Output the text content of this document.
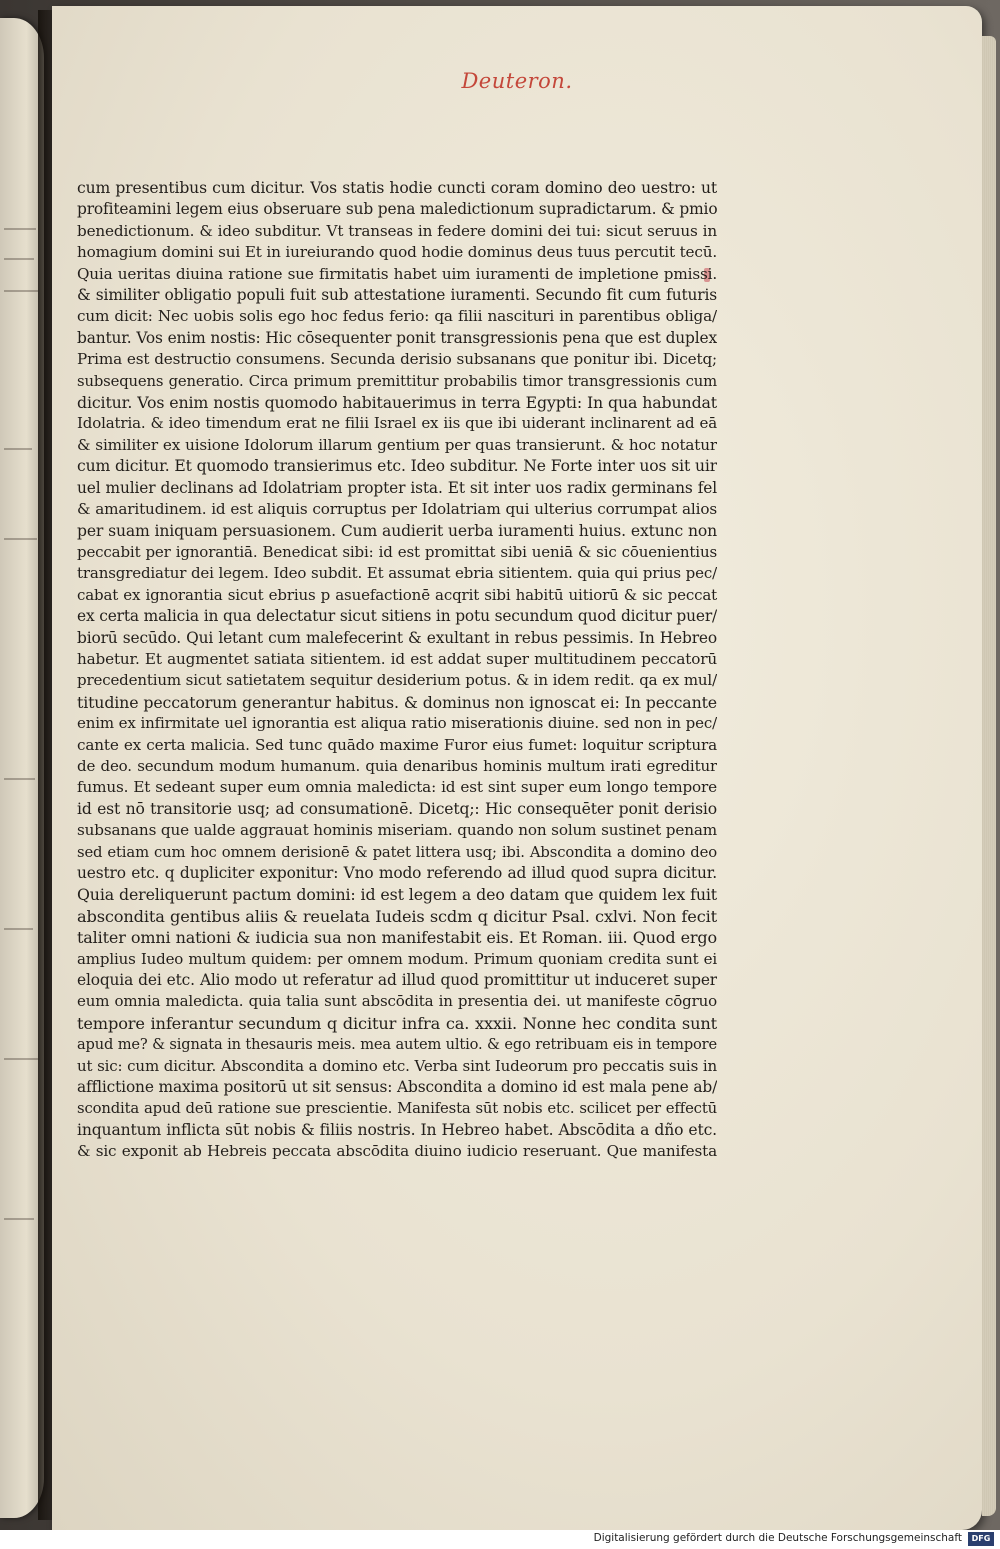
Deuteron.
cum presentibus cum dicitur. Vos statis hodie cuncti coram domino deo uestro: ut
profiteamini legem eius obseruare sub pena maledictionum supradictarum. & pmio
benedictionum. & ideo subditur. Vt transeas in federe domini dei tui: sicut seruus in
homagium domini sui Et in iureiurando quod hodie dominus deus tuus percutit tecū.
Quia ueritas diuina ratione sue firmitatis habet uim iuramenti de impletione pmissi.
& similiter obligatio populi fuit sub attestatione iuramenti. Secundo fit cum futuris
cum dicit: Nec uobis solis ego hoc fedus ferio: qa filii nascituri in parentibus obliga/
bantur. Vos enim nostis: Hic cōsequenter ponit transgressionis pena que est duplex
Prima est destructio consumens. Secunda derisio subsanans que ponitur ibi. Dicetq;
subsequens generatio. Circa primum premittitur probabilis timor transgressionis cum
dicitur. Vos enim nostis quomodo habitauerimus in terra Egypti: In qua habundat
Idolatria. & ideo timendum erat ne filii Israel ex iis que ibi uiderant inclinarent ad eā
& similiter ex uisione Idolorum illarum gentium per quas transierunt. & hoc notatur
cum dicitur. Et quomodo transierimus etc. Ideo subditur. Ne Forte inter uos sit uir
uel mulier declinans ad Idolatriam propter ista. Et sit inter uos radix germinans fel
& amaritudinem. id est aliquis corruptus per Idolatriam qui ulterius corrumpat alios
per suam iniquam persuasionem. Cum audierit uerba iuramenti huius. extunc non
peccabit per ignorantiā. Benedicat sibi: id est promittat sibi ueniā & sic cōuenientius
transgrediatur dei legem. Ideo subdit. Et assumat ebria sitientem. quia qui prius pec/
cabat ex ignorantia sicut ebrius p asuefactionē acqrit sibi habitū uitiorū & sic peccat
ex certa malicia in qua delectatur sicut sitiens in potu secundum quod dicitur puer/
biorū secūdo. Qui letant cum malefecerint & exultant in rebus pessimis. In Hebreo
habetur. Et augmentet satiata sitientem. id est addat super multitudinem peccatorū
precedentium sicut satietatem sequitur desiderium potus. & in idem redit. qa ex mul/
titudine peccatorum generantur habitus. & dominus non ignoscat ei: In peccante
enim ex infirmitate uel ignorantia est aliqua ratio miserationis diuine. sed non in pec/
cante ex certa malicia. Sed tunc quādo maxime Furor eius fumet: loquitur scriptura
de deo. secundum modum humanum. quia denaribus hominis multum irati egreditur
fumus. Et sedeant super eum omnia maledicta: id est sint super eum longo tempore
id est nō transitorie usq; ad consumationē. Dicetq;: Hic consequēter ponit derisio
subsanans que ualde aggrauat hominis miseriam. quando non solum sustinet penam
sed etiam cum hoc omnem derisionē & patet littera usq; ibi. Abscondita a domino deo
uestro etc. q dupliciter exponitur: Vno modo referendo ad illud quod supra dicitur.
Quia dereliquerunt pactum domini: id est legem a deo datam que quidem lex fuit
abscondita gentibus aliis & reuelata Iudeis scdm q dicitur Psal. cxlvi. Non fecit
taliter omni nationi & iudicia sua non manifestabit eis. Et Roman. iii. Quod ergo
amplius Iudeo multum quidem: per omnem modum. Primum quoniam credita sunt ei
eloquia dei etc. Alio modo ut referatur ad illud quod promittitur ut induceret super
eum omnia maledicta. quia talia sunt abscōdita in presentia dei. ut manifeste cōgruo
tempore inferantur secundum q dicitur infra ca. xxxii. Nonne hec condita sunt
apud me? & signata in thesauris meis. mea autem ultio. & ego retribuam eis in tempore
ut sic: cum dicitur. Abscondita a domino etc. Verba sint Iudeorum pro peccatis suis in
afflictione maxima positorū ut sit sensus: Abscondita a domino id est mala pene ab/
scondita apud deū ratione sue prescientie. Manifesta sūt nobis etc. scilicet per effectū
inquantum inflicta sūt nobis & filiis nostris. In Hebreo habet. Abscōdita a dño etc.
& sic exponit ab Hebreis peccata abscōdita diuino iudicio reseruant. Que manifesta
Digitalisierung gefördert durch die Deutsche Forschungsgemeinschaft	DFG
